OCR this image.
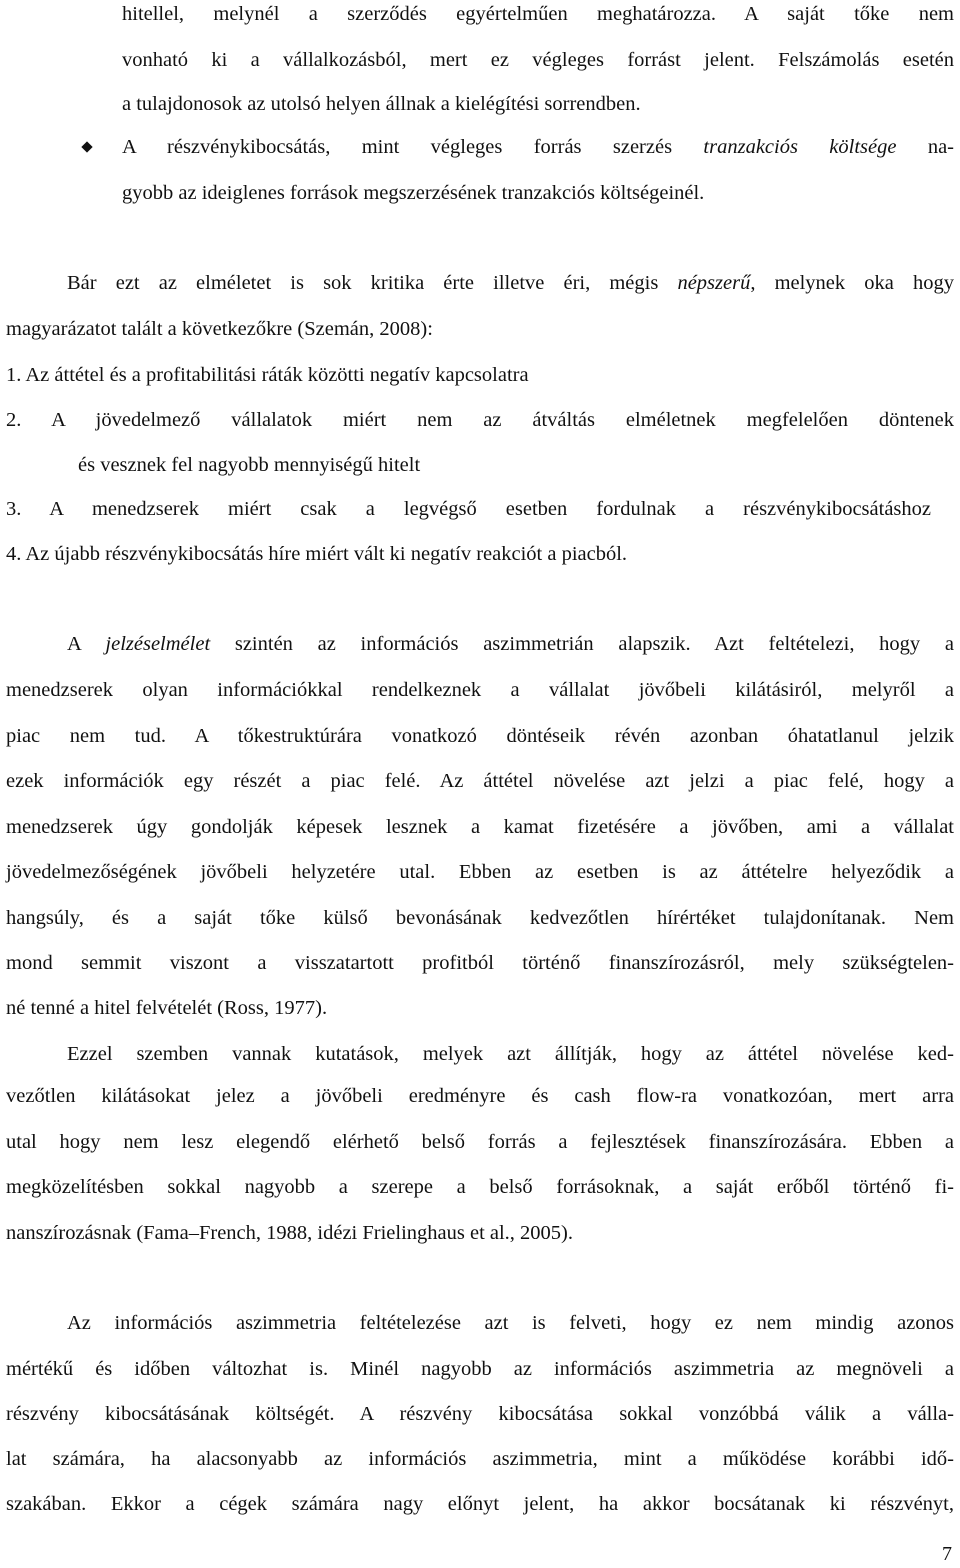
hitellel, melynél a szerződés egyértelműen meghatározza. A saját tőke nem
vonható ki a vállalkozásból, mert ez végleges forrást jelent. Felszámolás esetén
a tulajdonosok az utolsó helyen állnak a kielégítési sorrendben.
A részvénykibocsátás, mint végleges forrás szerzés tranzakciós költsége na-
gyobb az ideiglenes források megszerzésének tranzakciós költségeinél.
Bár ezt az elméletet is sok kritika érte illetve éri, mégis népszerű, melynek oka hogy
magyarázatot talált a következőkre (Szemán, 2008):
1. Az áttétel és a profitabilitási ráták közötti negatív kapcsolatra
2. A jövedelmező vállalatok miért nem az átváltás elméletnek megfelelően döntenek
és vesznek fel nagyobb mennyiségű hitelt
3. A menedzserek miért csak a legvégső esetben fordulnak a részvénykibocsátáshoz
4. Az újabb részvénykibocsátás híre miért vált ki negatív reakciót a piacból.
A jelzéselmélet szintén az információs aszimmetrián alapszik. Azt feltételezi, hogy a
menedzserek olyan információkkal rendelkeznek a vállalat jövőbeli kilátásiról, melyről a
piac nem tud. A tőkestruktúrára vonatkozó döntéseik révén azonban óhatatlanul jelzik
ezek információk egy részét a piac felé. Az áttétel növelése azt jelzi a piac felé, hogy a
menedzserek úgy gondolják képesek lesznek a kamat fizetésére a jövőben, ami a vállalat
jövedelmezőségének jövőbeli helyzetére utal. Ebben az esetben is az áttételre helyeződik a
hangsúly, és a saját tőke külső bevonásának kedvezőtlen hírértéket tulajdonítanak. Nem
mond semmit viszont a visszatartott profitból történő finanszírozásról, mely szükségtelen-
né tenné a hitel felvételét (Ross, 1977).
Ezzel szemben vannak kutatások, melyek azt állítják, hogy az áttétel növelése ked-
vezőtlen kilátásokat jelez a jövőbeli eredményre és cash flow-ra vonatkozóan, mert arra
utal hogy nem lesz elegendő elérhető belső forrás a fejlesztések finanszírozására. Ebben a
megközelítésben sokkal nagyobb a szerepe a belső forrásoknak, a saját erőből történő fi-
nanszírozásnak (Fama–French, 1988, idézi Frielinghaus et al., 2005).
Az információs aszimmetria feltételezése azt is felveti, hogy ez nem mindig azonos
mértékű és időben változhat is. Minél nagyobb az információs aszimmetria az megnöveli a
részvény kibocsátásának költségét. A részvény kibocsátása sokkal vonzóbbá válik a válla-
lat számára, ha alacsonyabb az információs aszimmetria, mint a működése korábbi idő-
szakában. Ekkor a cégek számára nagy előnyt jelent, ha akkor bocsátanak ki részvényt,
7
